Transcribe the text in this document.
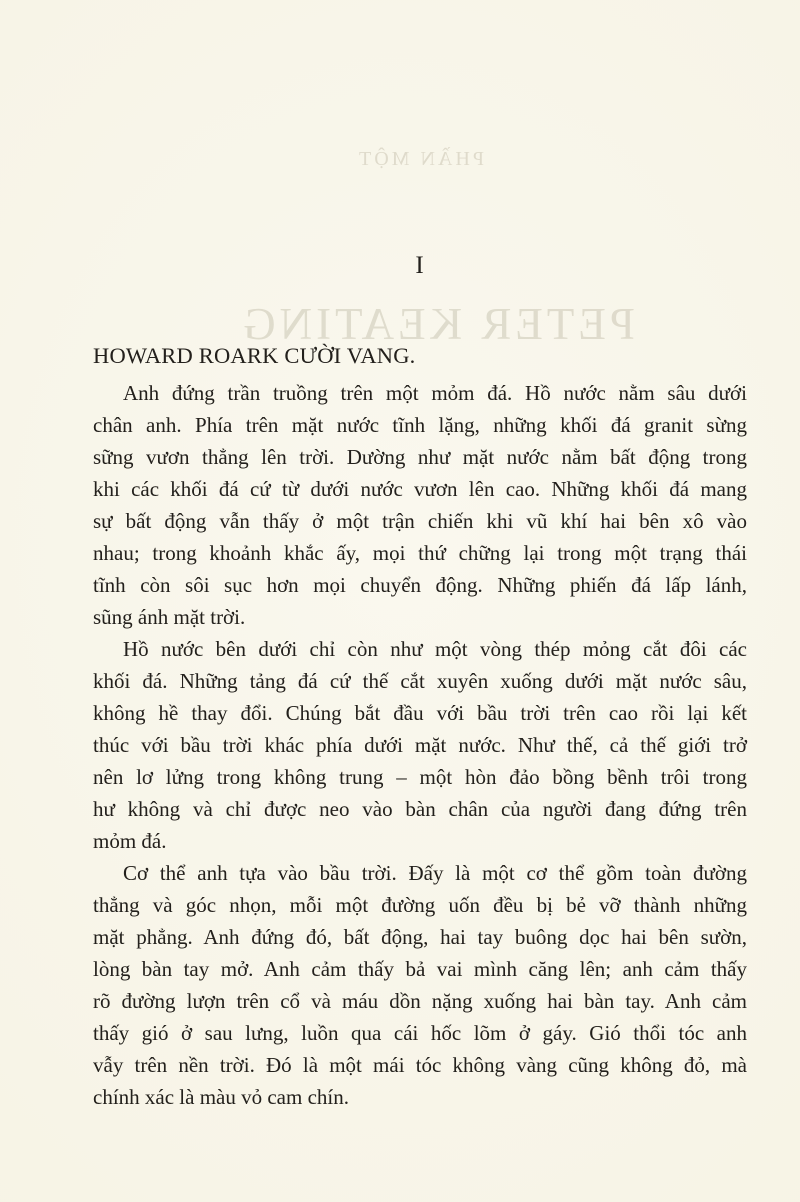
PHẦN MỘT
PETER KEATING
I
HOWARD ROARK CƯỜI VANG.

Anh đứng trần truồng trên một mỏm đá. Hồ nước nằm sâu dưới
chân anh. Phía trên mặt nước tĩnh lặng, những khối đá granit sừng
sững vươn thẳng lên trời. Dường như mặt nước nằm bất động trong
khi các khối đá cứ từ dưới nước vươn lên cao. Những khối đá mang
sự bất động vẫn thấy ở một trận chiến khi vũ khí hai bên xô vào
nhau; trong khoảnh khắc ấy, mọi thứ chững lại trong một trạng thái
tĩnh còn sôi sục hơn mọi chuyển động. Những phiến đá lấp lánh,
sũng ánh mặt trời.

Hồ nước bên dưới chỉ còn như một vòng thép mỏng cắt đôi các
khối đá. Những tảng đá cứ thế cắt xuyên xuống dưới mặt nước sâu,
không hề thay đổi. Chúng bắt đầu với bầu trời trên cao rồi lại kết
thúc với bầu trời khác phía dưới mặt nước. Như thế, cả thế giới trở
nên lơ lửng trong không trung – một hòn đảo bồng bềnh trôi trong
hư không và chỉ được neo vào bàn chân của người đang đứng trên
mỏm đá.

Cơ thể anh tựa vào bầu trời. Đấy là một cơ thể gồm toàn đường
thẳng và góc nhọn, mỗi một đường uốn đều bị bẻ vỡ thành những
mặt phẳng. Anh đứng đó, bất động, hai tay buông dọc hai bên sườn,
lòng bàn tay mở. Anh cảm thấy bả vai mình căng lên; anh cảm thấy
rõ đường lượn trên cổ và máu dồn nặng xuống hai bàn tay. Anh cảm
thấy gió ở sau lưng, luồn qua cái hốc lõm ở gáy. Gió thổi tóc anh
vẫy trên nền trời. Đó là một mái tóc không vàng cũng không đỏ, mà
chính xác là màu vỏ cam chín.
